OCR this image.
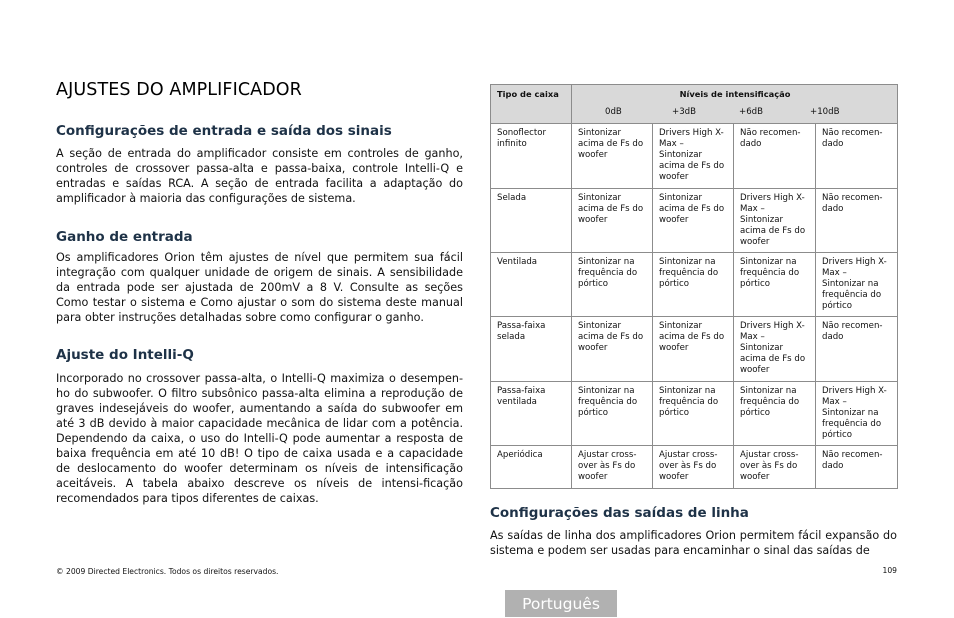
AJUSTES DO AMPLIFICADOR
Configurações de entrada e saída dos sinais

A seção de entrada do amplificador consiste em controles de ganho, controles de crossover passa-alta e passa-baixa, controle Intelli-Q e entradas e saídas RCA. A seção de entrada facilita a adaptação do amplificador à maioria das configurações de sistema.

Ganho de entrada

Os amplificadores Orion têm ajustes de nível que permitem sua fácil integração com qualquer unidade de origem de sinais. A sensibilidade da entrada pode ser ajustada de 200mV a 8 V. Consulte as seções Como testar o sistema e Como ajustar o som do sistema deste manual para obter instruções detalhadas sobre como configurar o ganho.

Ajuste do Intelli-Q

Incorporado no crossover passa-alta, o Intelli-Q maximiza o desempen-ho do subwoofer. O filtro subsônico passa-alta elimina a reprodução de graves indesejáveis do woofer, aumentando a saída do subwoofer em até 3 dB devido à maior capacidade mecânica de lidar com a potência. Dependendo da caixa, o uso do Intelli-Q pode aumentar a resposta de baixa frequência em até 10 dB! O tipo de caixa usada e a capacidade de deslocamento do woofer determinam os níveis de intensificação aceitáveis. A tabela abaixo descreve os níveis de intensi-ficação recomendados para tipos diferentes de caixas.

Tipo de caixa	Níveis de intensificação
0dB +3dB +6dB +10dB			

Sonoflector infinito	Sintonizar acima de Fs do woofer	Drivers High X-Max – Sintonizar acima de Fs do woofer	Não recomen-dado	Não recomen-dado
Selada	Sintonizar acima de Fs do woofer	Sintonizar acima de Fs do woofer	Drivers High X-Max – Sintonizar acima de Fs do woofer	Não recomen-dado
Ventilada	Sintonizar na frequência do pórtico	Sintonizar na frequência do pórtico	Sintonizar na frequência do pórtico	Drivers High X-Max – Sintonizar na frequência do pórtico
Passa-faixa selada	Sintonizar acima de Fs do woofer	Sintonizar acima de Fs do woofer	Drivers High X-Max – Sintonizar acima de Fs do woofer	Não recomen-dado
Passa-faixa ventilada	Sintonizar na frequência do pórtico	Sintonizar na frequência do pórtico	Sintonizar na frequência do pórtico	Drivers High X-Max – Sintonizar na frequência do pórtico
Aperiódica	Ajustar cross-over às Fs do woofer	Ajustar cross-over às Fs do woofer	Ajustar cross-over às Fs do woofer	Não recomen-dado
Configurações das saídas de linha

As saídas de linha dos amplificadores Orion permitem fácil expansão do sistema e podem ser usadas para encaminhar o sinal das saídas de

© 2009 Directed Electronics. Todos os direitos reservados.	109
Português
